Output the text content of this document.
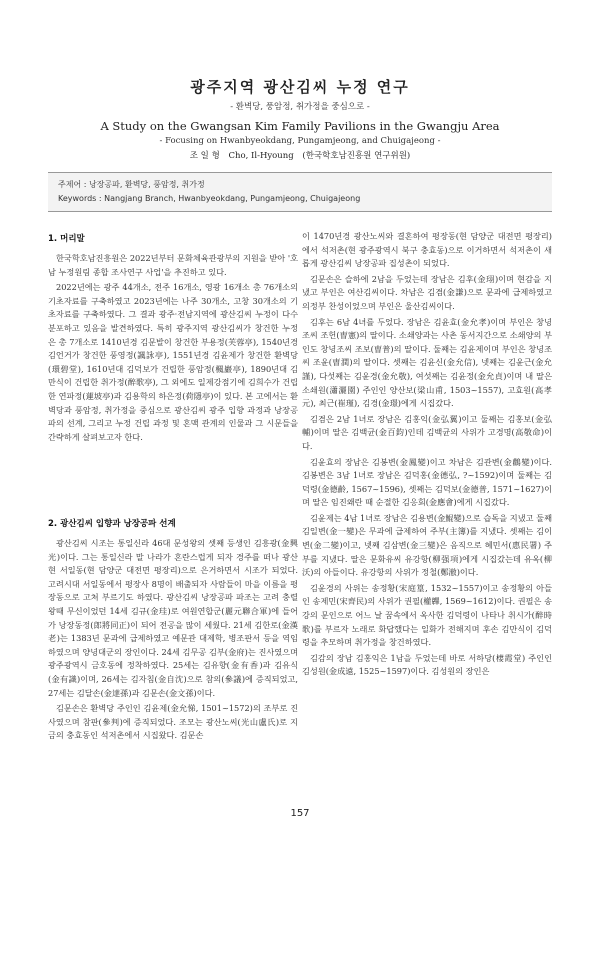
광주지역 광산김씨 누정 연구
- 환벽당, 풍암정, 취가정을 중심으로 -
A Study on the Gwangsan Kim Family Pavilions in the Gwangju Area
- Focusing on Hwanbyeokdang, Pungamjeong, and Chuigajeong -
조 일 형 Cho, Il-Hyoung (한국학호남진흥원 연구위원)
주제어 : 낭장공파, 환벽당, 풍암정, 취가정
Keywords : Nangjang Branch, Hwanbyeokdang, Pungamjeong, Chuigajeong
1. 머리말

한국학호남진흥원은 2022년부터 문화체육관광부의 지원을 받아 '호남 누정원림 종합 조사연구 사업'을 추진하고 있다.

2022년에는 광주 44개소, 전주 16개소, 영광 16개소 총 76개소의 기초자료를 구축하였고 2023년에는 나주 30개소, 고창 30개소의 기초자료를 구축하였다. 그 결과 광주·전남지역에 광산김씨 누정이 다수 분포하고 있음을 발견하였다. 특히 광주지역 광산김씨가 창건한 누정은 총 7개소로 1410년경 김문발이 창건한 부용정(芙蓉亭), 1540년경 김언거가 창건한 풍영정(諷詠亭), 1551년경 김윤제가 창건한 환벽당(環碧堂), 1610년대 김덕보가 건립한 풍암정(楓巖亭), 1890년대 김만식이 건립한 취가정(醉歌亭), 그 외에도 일제강점기에 김희수가 건립한 연파정(蓮坡亭)과 김용학의 하은정(荷隱亭)이 있다. 본 고에서는 환벽당과 풍암정, 취가정을 중심으로 광산김씨 광주 입향 과정과 낭장공파의 선계, 그리고 누정 건립 과정 및 혼맥 관계의 인물과 그 시문들을 간략하게 살펴보고자 한다.

2. 광산김씨 입향과 낭장공파 선계

광산김씨 시조는 통일신라 46대 문성왕의 셋째 등생인 김흥광(金興光)이다. 그는 통일신라 말 나라가 혼란스럽게 되자 경주를 떠나 광산현 서일동(현 담양군 대전면 평장리)으로 은거하면서 시조가 되었다. 고려시대 서일동에서 평장사 8명이 배출되자 사람들이 마을 이름을 평장동으로 고쳐 부르기도 하였다. 광산김씨 낭장공파 파조는 고려 충렬왕때 무신이었던 14세 김규(金珪)로 여원연합군(麗元聯合軍)에 들어가 낭장동정(郎將同正)이 되어 전공을 많이 세웠다. 21세 김한로(金漢老)는 1383년 문과에 급제하였고 예문관 대제학, 병조판서 등을 역임하였으며 양녕대군의 장인이다. 24세 김무공 김부(金府)는 진사였으며 광주광역시 금호동에 정착하였다. 25세는 김유향(金有香)과 김유식(金有識)이며, 26세는 김자침(金自沈)으로 참의(參議)에 증직되었고, 27세는 김달손(金達孫)과 김문손(金文孫)이다.

김문손은 환벽당 주인인 김윤제(金允悌, 1501~1572)의 조부로 진사였으며 참판(參判)에 증직되었다. 조모는 광산노씨(光山盧氏)로 지금의 충효동인 석저촌에서 시집왔다. 김문손

이 1470년경 광산노씨와 결혼하여 평장동(현 담양군 대전면 평장리)에서 석저촌(현 광주광역시 북구 충효동)으로 이거하면서 석저촌이 새롭게 광산김씨 낭장공파 집성촌이 되었다.

김문손은 슬하에 2남을 두었는데 장남은 김후(金珝)이며 현감을 지냈고 부인은 여산김씨이다. 차남은 김겸(金謙)으로 문과에 급제하였고 의정부 찬성이었으며 부인은 울산김씨이다.

김후는 6남 4녀를 두었다. 장남은 김윤효(金允孝)이며 부인은 창녕조씨 조헌(曺憲)의 딸이다. 소쇄양과는 사촌 동서지간으로 소쇄양의 부인도 창녕조씨 조보(曺普)의 딸이다. 둘째는 김윤제이며 부인은 창녕조씨 조윤(曺潤)의 딸이다. 셋째는 김윤신(金允信), 넷째는 김윤근(金允謹), 다섯째는 김윤경(金允敬), 여섯째는 김윤정(金允貞)이며 내 딸은 소쇄원(瀟灑園) 주인인 양산보(梁山甫, 1503~1557), 고효원(高孝元), 최근(崔瑾), 김경(金璟)에게 시집갔다.

김겸은 2남 1녀로 장남은 김홍익(金弘翼)이고 둘째는 김홍보(金弘輔)이며 딸은 김백균(金百鈞)인데 김백균의 사위가 고경명(高敬命)이다.

김윤효의 장남은 김봉변(金鳳變)이고 차남은 김관변(金鸛變)이다. 김봉변은 3남 1녀로 장남은 김덕홍(金德弘, ?~1592)이며 둘째는 김덕령(金德齡, 1567~1596), 셋째는 김덕보(金德普, 1571~1627)이며 딸은 임진왜란 때 순절한 김응회(金應會)에게 시집갔다.

김윤제는 4남 1녀로 장남은 김용변(金鯤變)으로 습독을 지냈고 둘째 김일변(金一變)은 무과에 급제하여 주부(主簿)를 지냈다. 셋째는 김이변(金二變)이고, 넷째 김삼변(金三變)은 음직으로 혜민서(惠民署) 주부를 지냈다. 딸은 문화유씨 유강항(柳强項)에게 시집갔는데 유옥(柳沃)의 아들이다. 유강항의 사위가 정철(鄭澈)이다.

김윤경의 사위는 송정황(宋庭篁, 1532~1557)이고 송정황의 아들인 송제민(宋齊民)의 사위가 권필(權韠, 1569~1612)이다. 권필은 송강의 문인으로 어느 날 꿈속에서 옥사한 김덕령이 나타나 취시가(醉時歌)를 부르자 노래로 화답했다는 일화가 전해지며 후손 김만식이 김덕령을 추모하며 취가정을 창건하였다.

김감의 장남 김홍익은 1남을 두었는데 바로 서하당(棲霞堂) 주인인 김성원(金成遠, 1525~1597)이다. 김성원의 장인은

157
